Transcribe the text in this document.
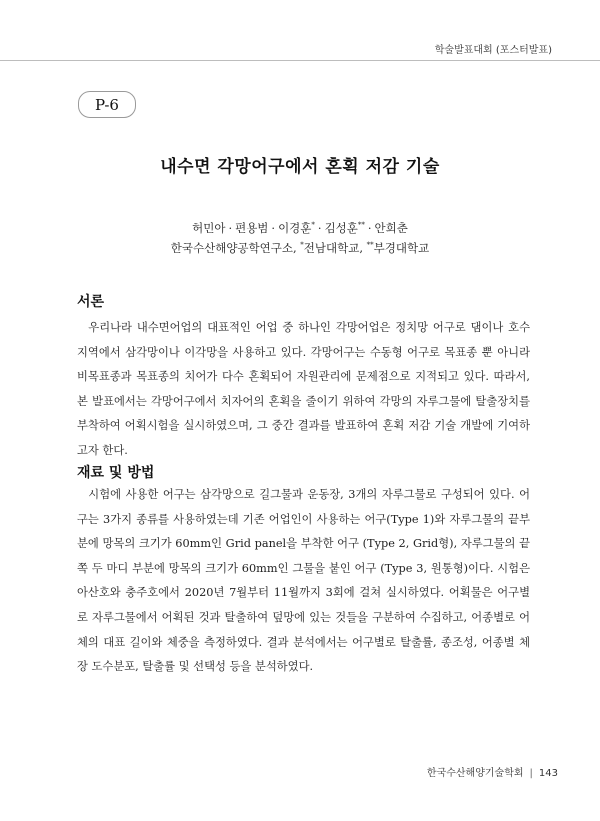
학술발표대회 (포스터발표)
P-6
내수면 각망어구에서 혼획 저감 기술
허민아 · 편용범 · 이경훈* · 김성훈** · 안희춘
한국수산해양공학연구소, *전남대학교, **부경대학교
서론

우리나라 내수면어업의 대표적인 어업 중 하나인 각망어업은 정치망 어구로 댐이나 호수 지역에서 삼각망이나 이각망을 사용하고 있다. 각망어구는 수동형 어구로 목표종 뿐 아니라 비목표종과 목표종의 치어가 다수 혼획되어 자원관리에 문제점으로 지적되고 있다. 따라서, 본 발표에서는 각망어구에서 치자어의 혼획을 줄이기 위하여 각망의 자루그물에 탈출장치를 부착하여 어획시험을 실시하였으며, 그 중간 결과를 발표하여 혼획 저감 기술 개발에 기여하고자 한다.

재료 및 방법

시험에 사용한 어구는 삼각망으로 길그물과 운동장, 3개의 자루그물로 구성되어 있다. 어구는 3가지 종류를 사용하였는데 기존 어업인이 사용하는 어구(Type 1)와 자루그물의 끝부분에 망목의 크기가 60mm인 Grid panel을 부착한 어구 (Type 2, Grid형), 자루그물의 끝쪽 두 마디 부분에 망목의 크기가 60mm인 그물을 붙인 어구 (Type 3, 원통형)이다. 시험은 아산호와 충주호에서 2020년 7월부터 11월까지 3회에 걸쳐 실시하였다. 어획물은 어구별로 자루그물에서 어획된 것과 탈출하여 덮망에 있는 것들을 구분하여 수집하고, 어종별로 어체의 대표 길이와 체중을 측정하였다. 결과 분석에서는 어구별로 탈출률, 종조성, 어종별 체장 도수분포, 탈출률 및 선택성 등을 분석하였다.

한국수산해양기술학회 | 143
